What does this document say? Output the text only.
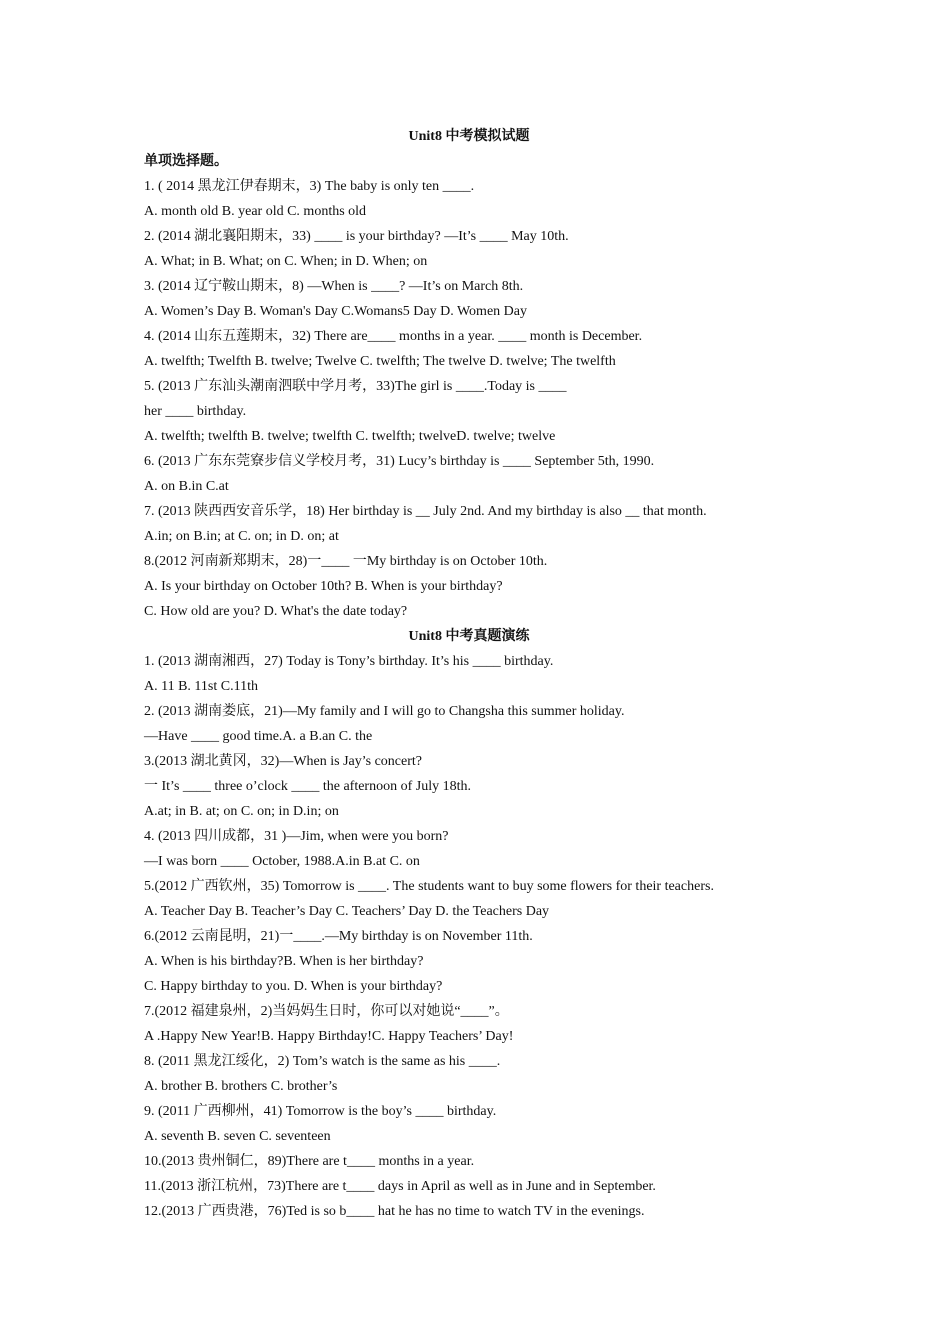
Unit8 中考模拟试题
单项选择题。
1. ( 2014 黑龙江伊春期末，3) The baby is only ten ____.
A. month old B. year old C. months old
2. (2014 湖北襄阳期末，33) ____ is your birthday? —It’s ____ May 10th.
A. What; in B. What; on C. When; in D. When; on
3. (2014 辽宁鞍山期末，8) —When is ____? —It’s on March 8th.
A. Women’s Day B. Woman's Day C.Womans5 Day D. Women Day
4. (2014 山东五莲期末，32) There are____ months in a year. ____ month is December.
A. twelfth; Twelfth B. twelve; Twelve C. twelfth; The twelve D. twelve; The twelfth
5. (2013 广东汕头潮南泗联中学月考，33)The girl is ____.Today is ____
her ____ birthday.
A. twelfth; twelfth B. twelve; twelfth C. twelfth; twelveD. twelve; twelve
6. (2013 广东东莞寮步信义学校月考，31) Lucy’s birthday is ____ September 5th, 1990.
A. on B.in C.at
7. (2013 陕西西安音乐学，18) Her birthday is __ July 2nd. And my birthday is also __ that month.
A.in; on B.in; at C. on; in D. on; at
8.(2012 河南新郑期末，28)一____ 一My birthday is on October 10th.
A. Is your birthday on October 10th? B. When is your birthday?
C. How old are you? D. What's the date today?
Unit8 中考真题演练
1. (2013 湖南湘西，27) Today is Tony’s birthday. It’s his ____ birthday.
A. 11 B. 11st C.11th
2. (2013 湖南娄底，21)—My family and I will go to Changsha this summer holiday.
—Have ____ good time.A. a B.an C. the
3.(2013 湖北黄冈，32)—When is Jay’s concert?
一 It’s ____ three o’clock ____ the afternoon of July 18th.
A.at; in B. at; on C. on; in D.in; on
4. (2013 四川成都，31 )—Jim, when were you born?
—I was born ____ October, 1988.A.in B.at C. on
5.(2012 广西钦州，35) Tomorrow is ____. The students want to buy some flowers for their teachers.
A. Teacher Day B. Teacher’s Day C. Teachers’ Day D. the Teachers Day
6.(2012 云南昆明，21)一____.—My birthday is on November 11th.
A. When is his birthday?B. When is her birthday?
C. Happy birthday to you. D. When is your birthday?
7.(2012 福建泉州，2)当妈妈生日时，你可以对她说“____”。
A .Happy New Year!B. Happy Birthday!C. Happy Teachers’ Day!
8. (2011 黑龙江绥化，2) Tom’s watch is the same as his ____.
A. brother B. brothers C. brother’s
9. (2011 广西柳州，41) Tomorrow is the boy’s ____ birthday.
A. seventh B. seven C. seventeen
10.(2013 贵州铜仁，89)There are t____ months in a year.
11.(2013 浙江杭州，73)There are t____ days in April as well as in June and in September.
12.(2013 广西贵港，76)Ted is so b____ hat he has no time to watch TV in the evenings.
